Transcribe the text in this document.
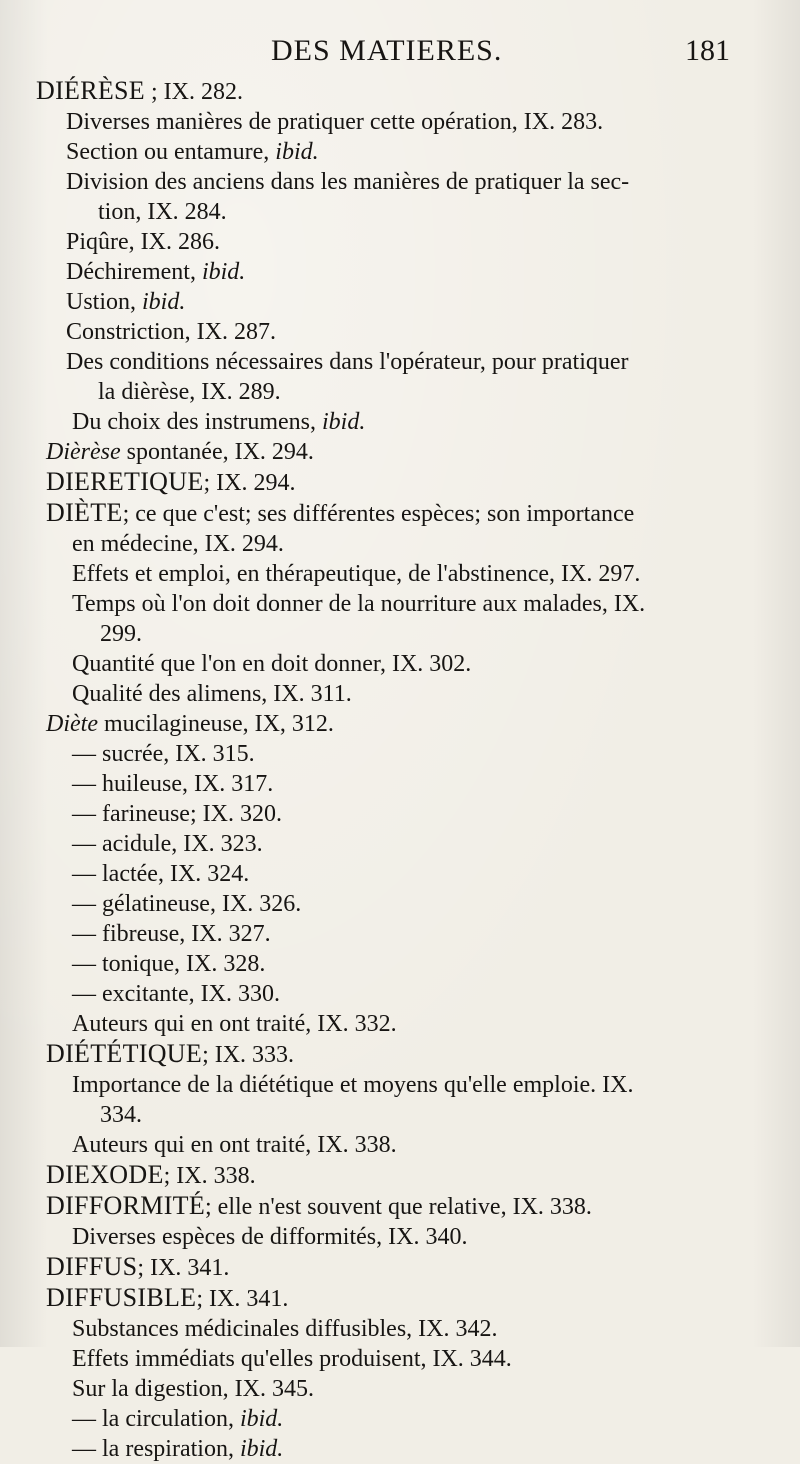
DES MATIERES.	181
DIÉRÈSE ; IX. 282.
Diverses manières de pratiquer cette opération, IX. 283.
Section ou entamure, ibid.
Division des anciens dans les manières de pratiquer la sec-
tion, IX. 284.
Piqûre, IX. 286.
Déchirement, ibid.
Ustion, ibid.
Constriction, IX. 287.
Des conditions nécessaires dans l'opérateur, pour pratiquer
la dièrèse, IX. 289.
Du choix des instrumens, ibid.
Dièrèse spontanée, IX. 294.
DIERETIQUE; IX. 294.
DIÈTE; ce que c'est; ses différentes espèces; son importance
en médecine, IX. 294.
Effets et emploi, en thérapeutique, de l'abstinence, IX. 297.
Temps où l'on doit donner de la nourriture aux malades, IX.
299.
Quantité que l'on en doit donner, IX. 302.
Qualité des alimens, IX. 311.
Diète mucilagineuse, IX, 312.
— sucrée, IX. 315.
— huileuse, IX. 317.
— farineuse; IX. 320.
— acidule, IX. 323.
— lactée, IX. 324.
— gélatineuse, IX. 326.
— fibreuse, IX. 327.
— tonique, IX. 328.
— excitante, IX. 330.
Auteurs qui en ont traité, IX. 332.
DIÉTÉTIQUE; IX. 333.
Importance de la diététique et moyens qu'elle emploie. IX.
334.
Auteurs qui en ont traité, IX. 338.
DIEXODE; IX. 338.
DIFFORMITÉ; elle n'est souvent que relative, IX. 338.
Diverses espèces de difformités, IX. 340.
DIFFUS; IX. 341.
DIFFUSIBLE; IX. 341.
Substances médicinales diffusibles, IX. 342.
Effets immédiats qu'elles produisent, IX. 344.
Sur la digestion, IX. 345.
— la circulation, ibid.
— la respiration, ibid.
